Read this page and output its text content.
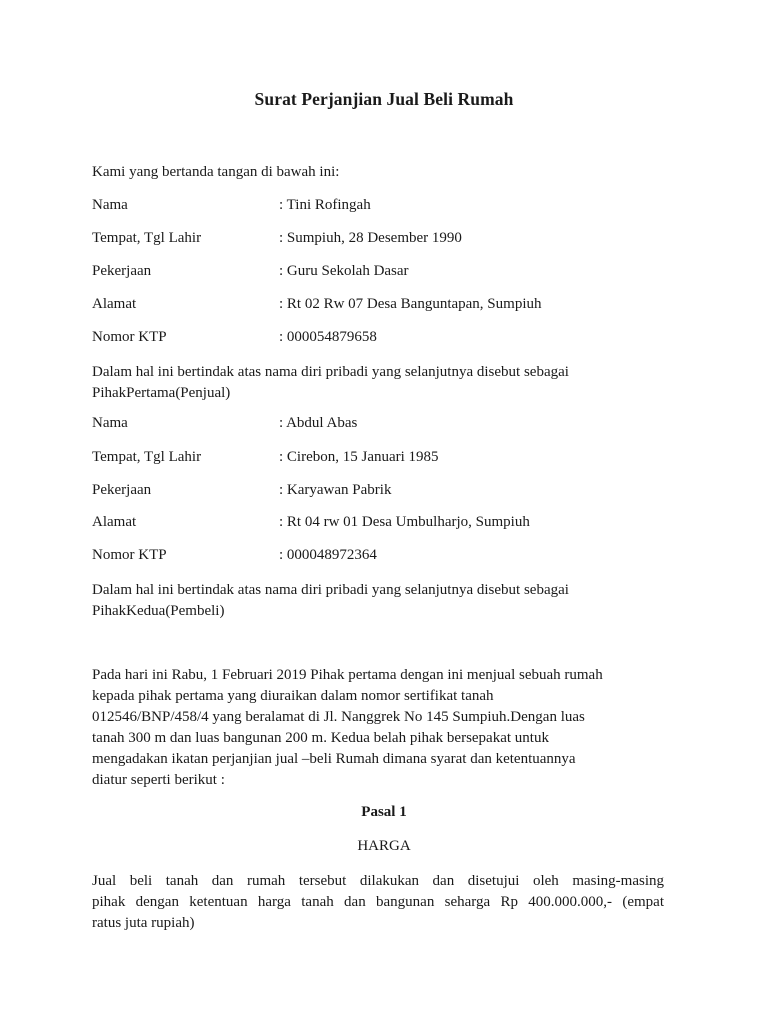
Surat Perjanjian Jual Beli Rumah
Kami yang bertanda tangan di bawah ini:
Nama	: Tini Rofingah
Tempat, Tgl Lahir	: Sumpiuh, 28 Desember 1990
Pekerjaan	: Guru Sekolah Dasar
Alamat	: Rt 02 Rw 07 Desa Banguntapan, Sumpiuh
Nomor KTP	: 000054879658
Dalam hal ini bertindak atas nama diri pribadi yang selanjutnya disebut sebagai
PihakPertama(Penjual)
Nama	: Abdul Abas
Tempat, Tgl Lahir	: Cirebon, 15 Januari 1985
Pekerjaan	: Karyawan Pabrik
Alamat	: Rt 04 rw 01 Desa Umbulharjo, Sumpiuh
Nomor KTP	: 000048972364
Dalam hal ini bertindak atas nama diri pribadi yang selanjutnya disebut sebagai
PihakKedua(Pembeli)
Pada hari ini Rabu, 1 Februari 2019 Pihak pertama dengan ini menjual sebuah rumah
kepada pihak pertama yang diuraikan dalam nomor sertifikat tanah
012546/BNP/458/4 yang beralamat di Jl. Nanggrek No 145 Sumpiuh.Dengan luas
tanah 300 m dan luas bangunan 200 m. Kedua belah pihak bersepakat untuk
mengadakan ikatan perjanjian jual –beli Rumah dimana syarat dan ketentuannya
diatur seperti berikut :
Pasal 1
HARGA
Jual beli tanah dan rumah tersebut dilakukan dan disetujui oleh masing-masing
pihak dengan ketentuan harga tanah dan bangunan seharga Rp 400.000.000,- (empat
ratus juta rupiah)
